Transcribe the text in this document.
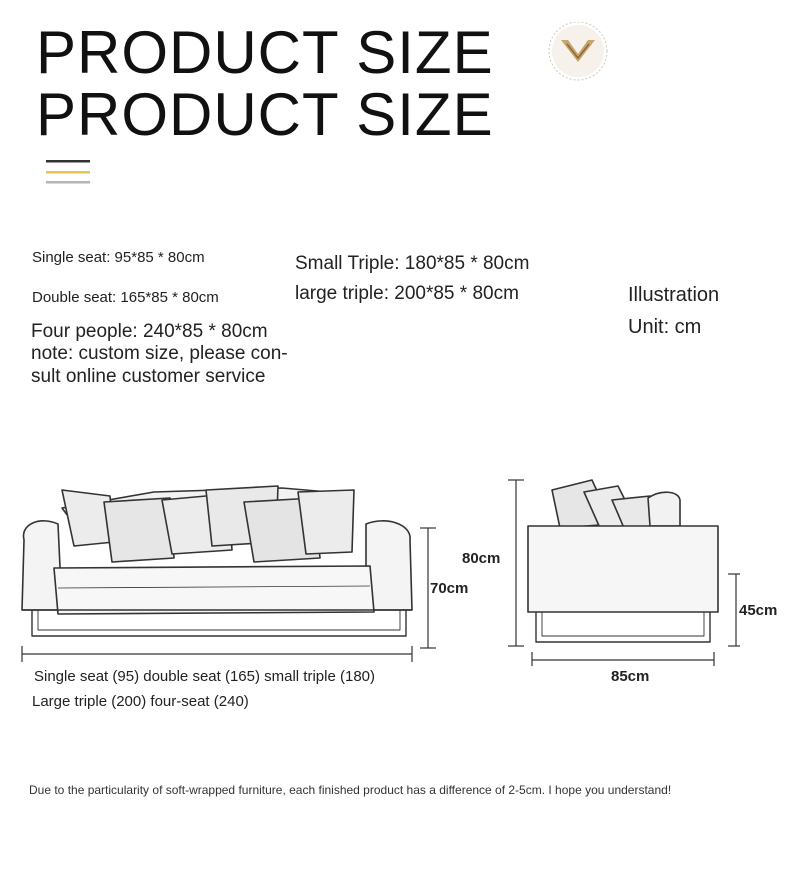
PRODUCT SIZE
PRODUCT SIZE
Single seat: 95*85 * 80cm
Double seat: 165*85 * 80cm
Four people: 240*85 * 80cm
note: custom size, please con-
sult online customer service
Small Triple: 180*85 * 80cm
large triple: 200*85 * 80cm	Illustration
Unit: cm
70cm
80cm
45cm
85cm
Single seat (95) double seat (165) small triple (180)
Large triple (200) four-seat (240)
Due to the particularity of soft-wrapped furniture, each finished product has a difference of 2-5cm. I hope you understand!
